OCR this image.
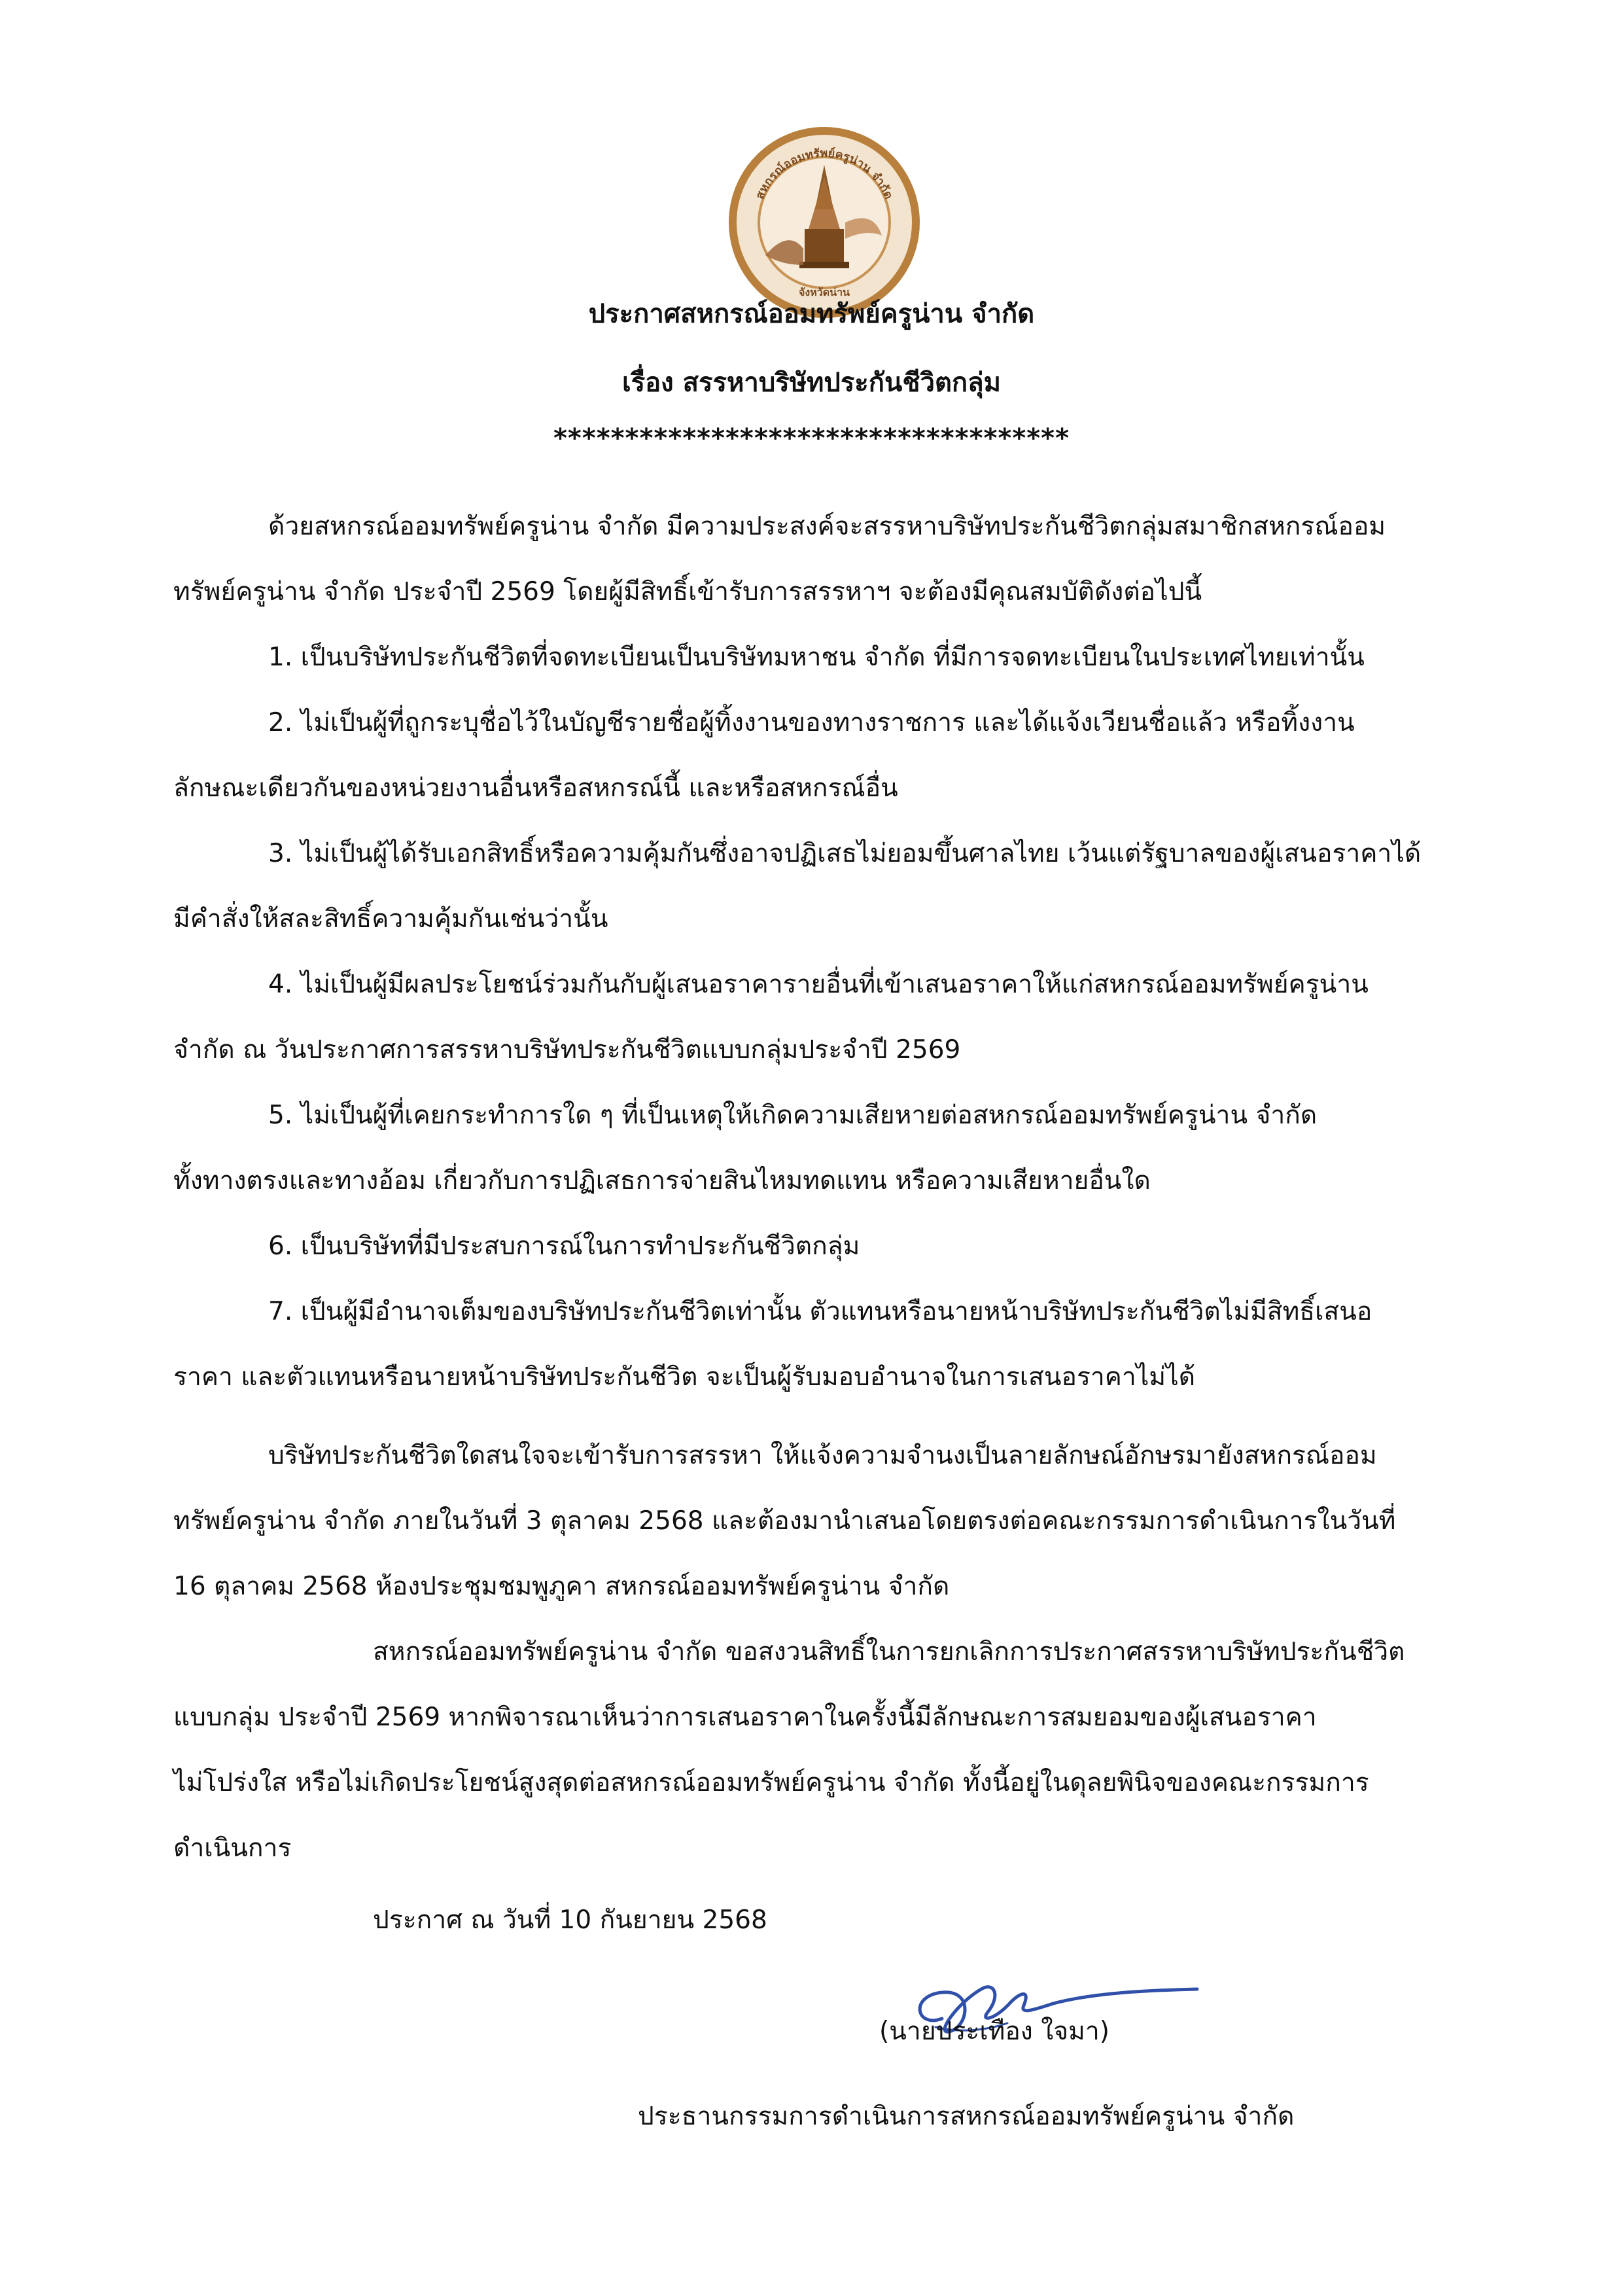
สหกรณ์ออมทรัพย์ครูน่าน จำกัด
จังหวัดน่าน
ประกาศสหกรณ์ออมทรัพย์ครูน่าน จำกัด
เรื่อง สรรหาบริษัทประกันชีวิตกลุ่ม
************************************

ด้วยสหกรณ์ออมทรัพย์ครูน่าน จำกัด มีความประสงค์จะสรรหาบริษัทประกันชีวิตกลุ่มสมาชิกสหกรณ์ออม

ทรัพย์ครูน่าน จำกัด ประจำปี 2569 โดยผู้มีสิทธิ์เข้ารับการสรรหาฯ จะต้องมีคุณสมบัติดังต่อไปนี้

1. เป็นบริษัทประกันชีวิตที่จดทะเบียนเป็นบริษัทมหาชน จำกัด ที่มีการจดทะเบียนในประเทศไทยเท่านั้น

2. ไม่เป็นผู้ที่ถูกระบุชื่อไว้ในบัญชีรายชื่อผู้ทิ้งงานของทางราชการ และได้แจ้งเวียนชื่อแล้ว หรือทิ้งงาน

ลักษณะเดียวกันของหน่วยงานอื่นหรือสหกรณ์นี้ และหรือสหกรณ์อื่น

3. ไม่เป็นผู้ได้รับเอกสิทธิ์หรือความคุ้มกันซึ่งอาจปฏิเสธไม่ยอมขึ้นศาลไทย เว้นแต่รัฐบาลของผู้เสนอราคาได้

มีคำสั่งให้สละสิทธิ์ความคุ้มกันเช่นว่านั้น

4. ไม่เป็นผู้มีผลประโยชน์ร่วมกันกับผู้เสนอราคารายอื่นที่เข้าเสนอราคาให้แก่สหกรณ์ออมทรัพย์ครูน่าน

จำกัด ณ วันประกาศการสรรหาบริษัทประกันชีวิตแบบกลุ่มประจำปี 2569

5. ไม่เป็นผู้ที่เคยกระทำการใด ๆ ที่เป็นเหตุให้เกิดความเสียหายต่อสหกรณ์ออมทรัพย์ครูน่าน จำกัด

ทั้งทางตรงและทางอ้อม เกี่ยวกับการปฏิเสธการจ่ายสินไหมทดแทน หรือความเสียหายอื่นใด

6. เป็นบริษัทที่มีประสบการณ์ในการทำประกันชีวิตกลุ่ม

7. เป็นผู้มีอำนาจเต็มของบริษัทประกันชีวิตเท่านั้น ตัวแทนหรือนายหน้าบริษัทประกันชีวิตไม่มีสิทธิ์เสนอ

ราคา และตัวแทนหรือนายหน้าบริษัทประกันชีวิต จะเป็นผู้รับมอบอำนาจในการเสนอราคาไม่ได้

บริษัทประกันชีวิตใดสนใจจะเข้ารับการสรรหา ให้แจ้งความจำนงเป็นลายลักษณ์อักษรมายังสหกรณ์ออม

ทรัพย์ครูน่าน จำกัด ภายในวันที่ 3 ตุลาคม 2568 และต้องมานำเสนอโดยตรงต่อคณะกรรมการดำเนินการในวันที่

16 ตุลาคม 2568 ห้องประชุมชมพูภูคา สหกรณ์ออมทรัพย์ครูน่าน จำกัด

สหกรณ์ออมทรัพย์ครูน่าน จำกัด ขอสงวนสิทธิ์ในการยกเลิกการประกาศสรรหาบริษัทประกันชีวิต

แบบกลุ่ม ประจำปี 2569 หากพิจารณาเห็นว่าการเสนอราคาในครั้งนี้มีลักษณะการสมยอมของผู้เสนอราคา

ไม่โปร่งใส หรือไม่เกิดประโยชน์สูงสุดต่อสหกรณ์ออมทรัพย์ครูน่าน จำกัด ทั้งนี้อยู่ในดุลยพินิจของคณะกรรมการ

ดำเนินการ

ประกาศ ณ วันที่ 10 กันยายน 2568
(นายประเทือง ใจมา)
ประธานกรรมการดำเนินการสหกรณ์ออมทรัพย์ครูน่าน จำกัด
